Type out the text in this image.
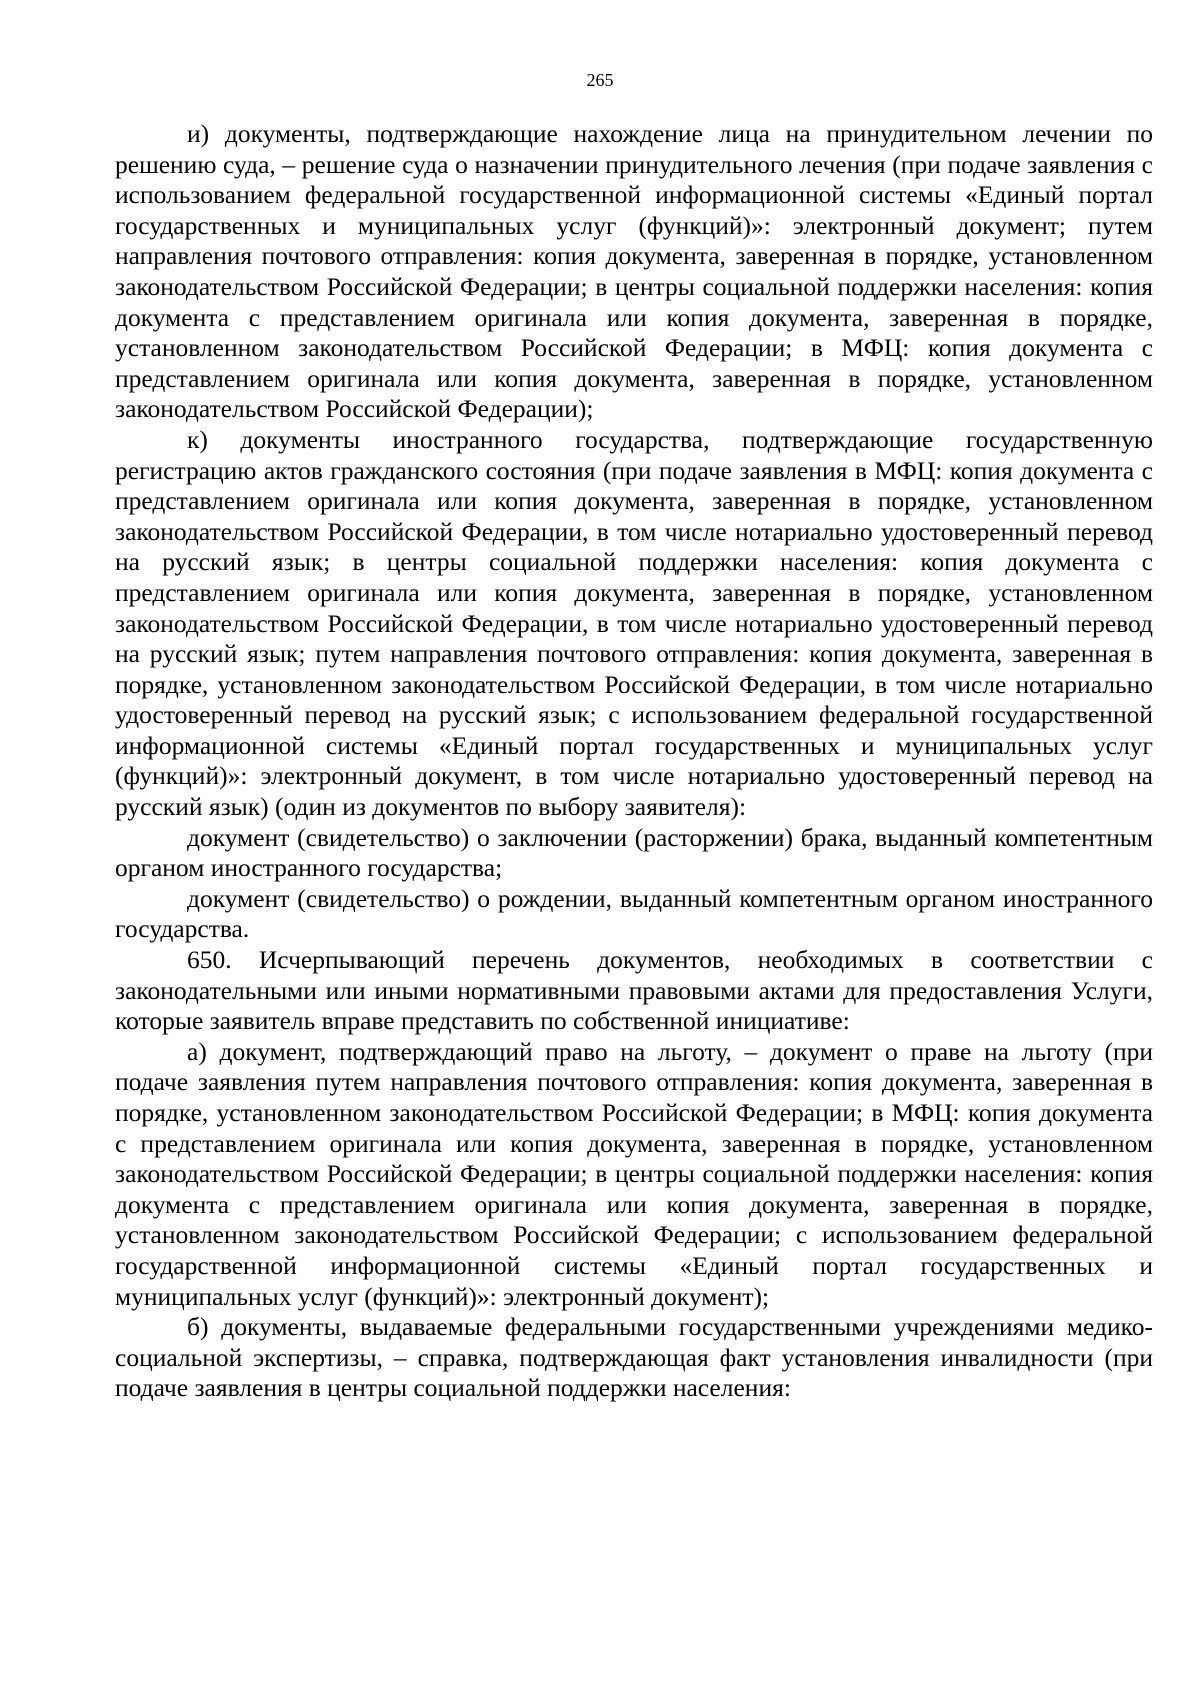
265

и) документы, подтверждающие нахождение лица на принудительном лечении по решению суда, – решение суда о назначении принудительного лечения (при подаче заявления с использованием федеральной государственной информационной системы «Единый портал государственных и муниципальных услуг (функций)»: электронный документ; путем направления почтового отправления: копия документа, заверенная в порядке, установленном законодательством Российской Федерации; в центры социальной поддержки населения: копия документа с представлением оригинала или копия документа, заверенная в порядке, установленном законодательством Российской Федерации; в МФЦ: копия документа с представлением оригинала или копия документа, заверенная в порядке, установленном законодательством Российской Федерации);

к) документы иностранного государства, подтверждающие государственную регистрацию актов гражданского состояния (при подаче заявления в МФЦ: копия документа с представлением оригинала или копия документа, заверенная в порядке, установленном законодательством Российской Федерации, в том числе нотариально удостоверенный перевод на русский язык; в центры социальной поддержки населения: копия документа с представлением оригинала или копия документа, заверенная в порядке, установленном законодательством Российской Федерации, в том числе нотариально удостоверенный перевод на русский язык; путем направления почтового отправления: копия документа, заверенная в порядке, установленном законодательством Российской Федерации, в том числе нотариально удостоверенный перевод на русский язык; с использованием федеральной государственной информационной системы «Единый портал государственных и муниципальных услуг (функций)»: электронный документ, в том числе нотариально удостоверенный перевод на русский язык) (один из документов по выбору заявителя):

документ (свидетельство) о заключении (расторжении) брака, выданный компетентным органом иностранного государства;

документ (свидетельство) о рождении, выданный компетентным органом иностранного государства.

650. Исчерпывающий перечень документов, необходимых в соответствии с законодательными или иными нормативными правовыми актами для предоставления Услуги, которые заявитель вправе представить по собственной инициативе:

а) документ, подтверждающий право на льготу, – документ о праве на льготу (при подаче заявления путем направления почтового отправления: копия документа, заверенная в порядке, установленном законодательством Российской Федерации; в МФЦ: копия документа с представлением оригинала или копия документа, заверенная в порядке, установленном законодательством Российской Федерации; в центры социальной поддержки населения: копия документа с представлением оригинала или копия документа, заверенная в порядке, установленном законодательством Российской Федерации; с использованием федеральной государственной информационной системы «Единый портал государственных и муниципальных услуг (функций)»: электронный документ);

б) документы, выдаваемые федеральными государственными учреждениями медико-социальной экспертизы, – справка, подтверждающая факт установления инвалидности (при подаче заявления в центры социальной поддержки населения:
